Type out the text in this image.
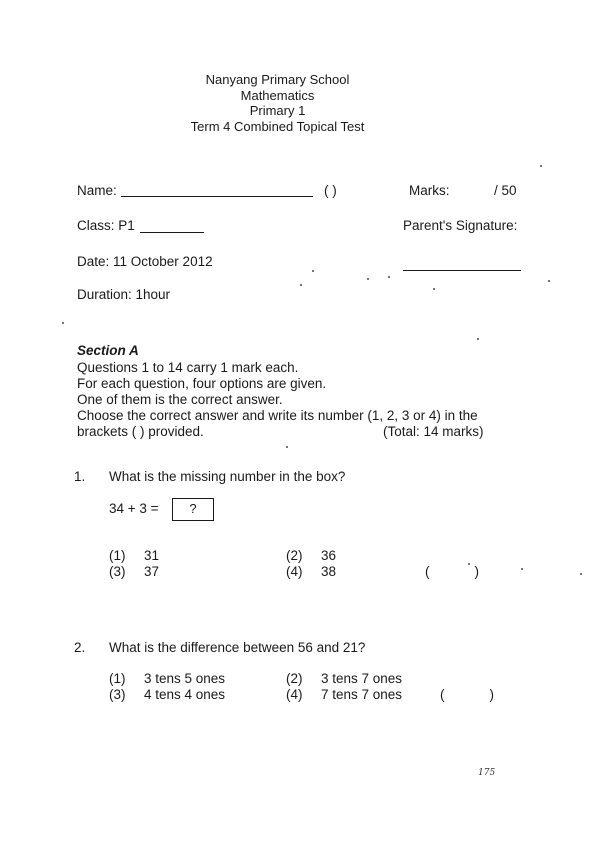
Nanyang Primary School
Mathematics
Primary 1
Term 4 Combined Topical Test
Name:	( )	Marks:	/ 50
Class: P1	Parent's Signature:
Date: 11 October 2012
Duration: 1hour
Section A
Questions 1 to 14 carry 1 mark each.
For each question, four options are given.
One of them is the correct answer.
Choose the correct answer and write its number (1, 2, 3 or 4) in the
brackets ( ) provided.	(Total: 14 marks)
1. What is the missing number in the box?
34 + 3 =	?
(1) 31	(2) 36
(3) 37	(4) 38	(            )
2. What is the difference between 56 and 21?
(1) 3 tens 5 ones	(2) 3 tens 7 ones
(3) 4 tens 4 ones	(4) 7 tens 7 ones	(            )
175
